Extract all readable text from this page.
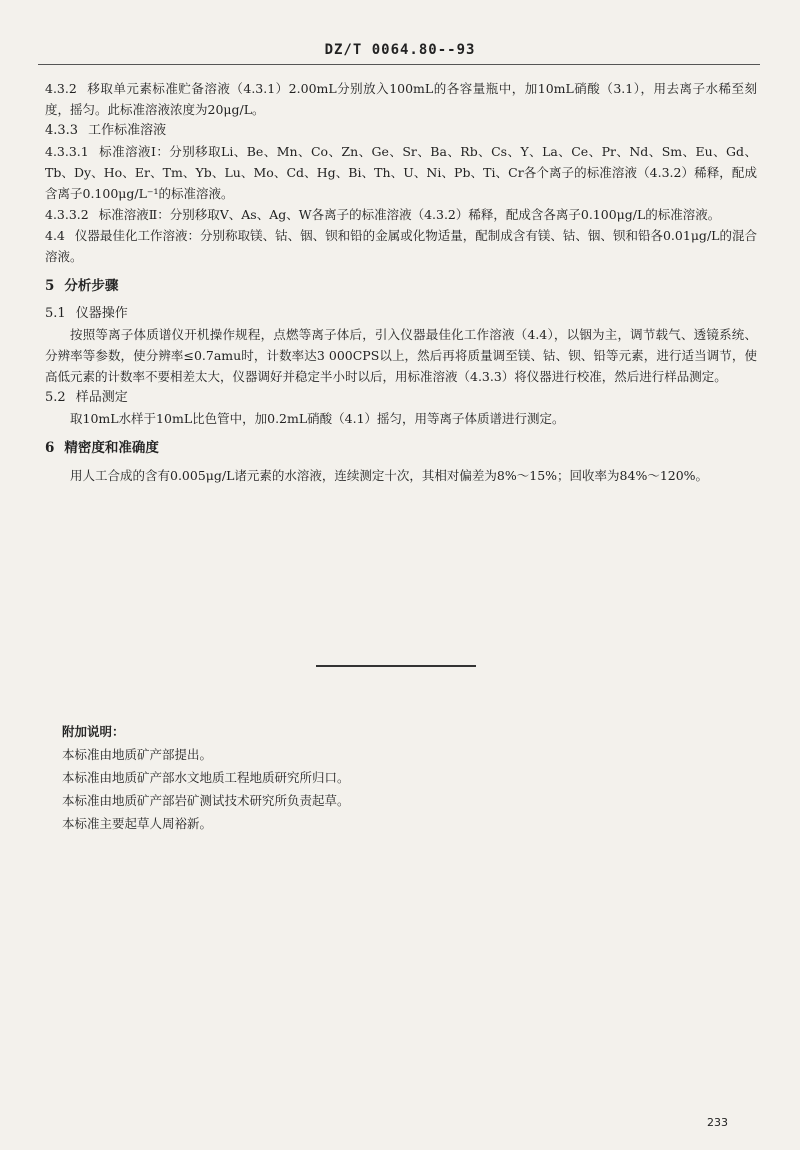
DZ/T 0064.80--93

4.3.2 移取单元素标准贮备溶液（4.3.1）2.00mL分别放入100mL的各容量瓶中，加10mL硝酸（3.1），用去离子水稀至刻度，摇匀。此标准溶液浓度为20μg/L。

4.3.3 工作标准溶液

4.3.3.1 标准溶液Ⅰ：分别移取Li、Be、Mn、Co、Zn、Ge、Sr、Ba、Rb、Cs、Y、La、Ce、Pr、Nd、Sm、Eu、Gd、Tb、Dy、Ho、Er、Tm、Yb、Lu、Mo、Cd、Hg、Bi、Th、U、Ni、Pb、Ti、Cr各个离子的标准溶液（4.3.2）稀释，配成含离子0.100μg/L⁻¹的标准溶液。

4.3.3.2 标准溶液Ⅱ：分别移取V、As、Ag、W各离子的标准溶液（4.3.2）稀释，配成含各离子0.100μg/L的标准溶液。

4.4 仪器最佳化工作溶液：分别称取镁、钴、铟、钡和铅的金属或化物适量，配制成含有镁、钴、铟、钡和铅各0.01μg/L的混合溶液。

5 分析步骤

5.1 仪器操作

按照等离子体质谱仪开机操作规程，点燃等离子体后，引入仪器最佳化工作溶液（4.4），以铟为主，调节载气、透镜系统、分辨率等参数，使分辨率≤0.7amu时，计数率达3 000CPS以上，然后再将质量调至镁、钴、钡、铅等元素，进行适当调节，使高低元素的计数率不要相差太大，仪器调好并稳定半小时以后，用标准溶液（4.3.3）将仪器进行校准，然后进行样品测定。

5.2 样品测定

取10mL水样于10mL比色管中，加0.2mL硝酸（4.1）摇匀，用等离子体质谱进行测定。

6 精密度和准确度

用人工合成的含有0.005μg/L诸元素的水溶液，连续测定十次，其相对偏差为8%～15%；回收率为84%～120%。

附加说明：

本标准由地质矿产部提出。

本标准由地质矿产部水文地质工程地质研究所归口。

本标准由地质矿产部岩矿测试技术研究所负责起草。

本标准主要起草人周裕新。

233
